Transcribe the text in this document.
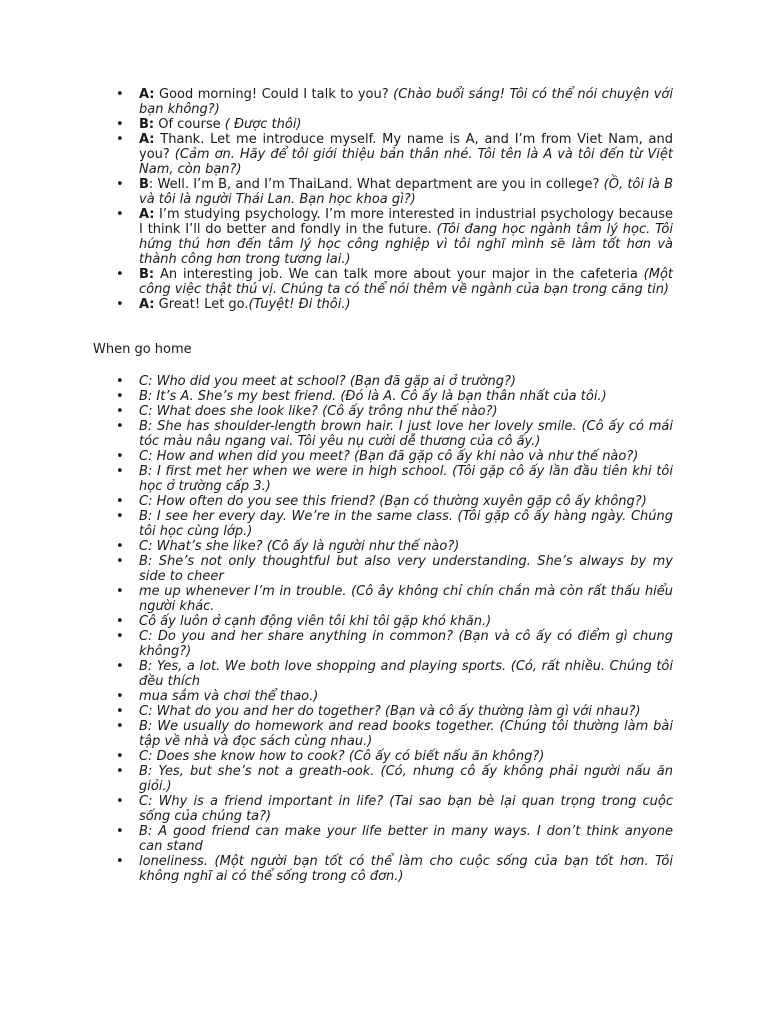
• A: Good morning! Could I talk to you? (Chào buổi sáng! Tôi có thể nói chuyện với bạn không?)
• B: Of course ( Được thôi)
• A: Thank. Let me introduce myself. My name is A, and I’m from Viet Nam, and you? (Cảm ơn. Hãy để tôi giới thiệu bản thân nhé. Tôi tên là A và tôi đến từ Việt Nam, còn bạn?)
• B: Well. I’m B, and I’m ThaiLand. What department are you in college? (Ồ, tôi là B và tôi là người Thái Lan. Bạn học khoa gì?)
• A: I’m studying psychology. I’m more interested in industrial psychology because I think I’ll do better and fondly in the future. (Tôi đang học ngành tâm lý học. Tôi hứng thú hơn đến tâm lý học công nghiệp vì tôi nghĩ mình sẽ làm tốt hơn và thành công hơn trong tương lai.)
• B: An interesting job. We can talk more about your major in the cafeteria (Một công việc thật thú vị. Chúng ta có thể nói thêm về ngành của bạn trong căng tin)
• A: Great! Let go.(Tuyệt! Đi thôi.)
When go home
• C: Who did you meet at school? (Bạn đã gặp ai ở trường?)
• B: It’s A. She’s my best friend. (Đó là A. Cô ấy là bạn thân nhất của tôi.)
• C: What does she look like? (Cô ấy trông như thế nào?)
• B: She has shoulder-length brown hair. I just love her lovely smile. (Cô ấy có mái tóc màu nâu ngang vai. Tôi yêu nụ cười dễ thương của cô ấy.)
• C: How and when did you meet? (Bạn đã gặp cô ấy khi nào và như thế nào?)
• B: I first met her when we were in high school. (Tôi gặp cô ấy lần đầu tiên khi tôi học ở trường cấp 3.)
• C: How often do you see this friend? (Bạn có thường xuyên gặp cô ấy không?)
• B: I see her every day. We’re in the same class. (Tôi gặp cô ấy hàng ngày. Chúng tôi học cùng lớp.)
• C: What’s she like? (Cô ấy là người như thế nào?)
• B: She’s not only thoughtful but also very understanding. She’s always by my side to cheer
• me up whenever I’m in trouble. (Cô ây không chỉ chín chắn mà còn rất thấu hiểu người khác.
• Cô ấy luôn ở cạnh động viên tôi khi tôi gặp khó khăn.)
• C: Do you and her share anything in common? (Bạn và cô ấy có điểm gì chung không?)
• B: Yes, a lot. We both love shopping and playing sports. (Có, rất nhiều. Chúng tôi đều thích
• mua sắm và chơi thể thao.)
• C: What do you and her do together? (Bạn và cô ấy thường làm gì với nhau?)
• B: We usually do homework and read books together. (Chúng tôi thường làm bài tập về nhà và đọc sách cùng nhau.)
• C: Does she know how to cook? (Cô ấy có biết nấu ăn không?)
• B: Yes, but she’s not a greath-ook. (Có, nhưng cô ấy không phải người nấu ăn giỏi.)
• C: Why is a friend important in life? (Tai sao bạn bè lại quan trọng trong cuộc sống của chúng ta?)
• B: A good friend can make your life better in many ways. I don’t think anyone can stand
• loneliness. (Một người bạn tốt có thể làm cho cuộc sống của bạn tốt hơn. Tôi không nghĩ ai có thể sống trong cô đơn.)
